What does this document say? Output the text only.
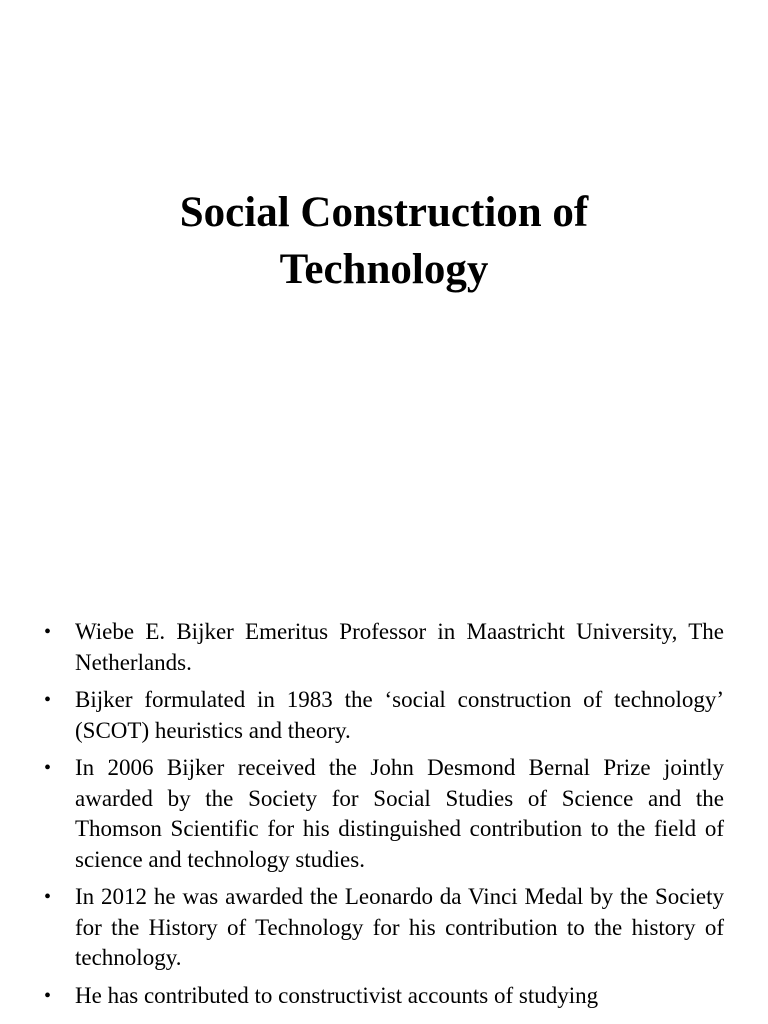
Social Construction of
Technology
• Wiebe E. Bijker Emeritus Professor in Maastricht University, The Netherlands.
• Bijker formulated in 1983 the ‘social construction of technology’ (SCOT) heuristics and theory.
• In 2006 Bijker received the John Desmond Bernal Prize jointly awarded by the Society for Social Studies of Science and the Thomson Scientific for his distinguished contribution to the field of science and technology studies.
• In 2012 he was awarded the Leonardo da Vinci Medal by the Society for the History of Technology for his contribution to the history of technology.
• He has contributed to constructivist accounts of studying
